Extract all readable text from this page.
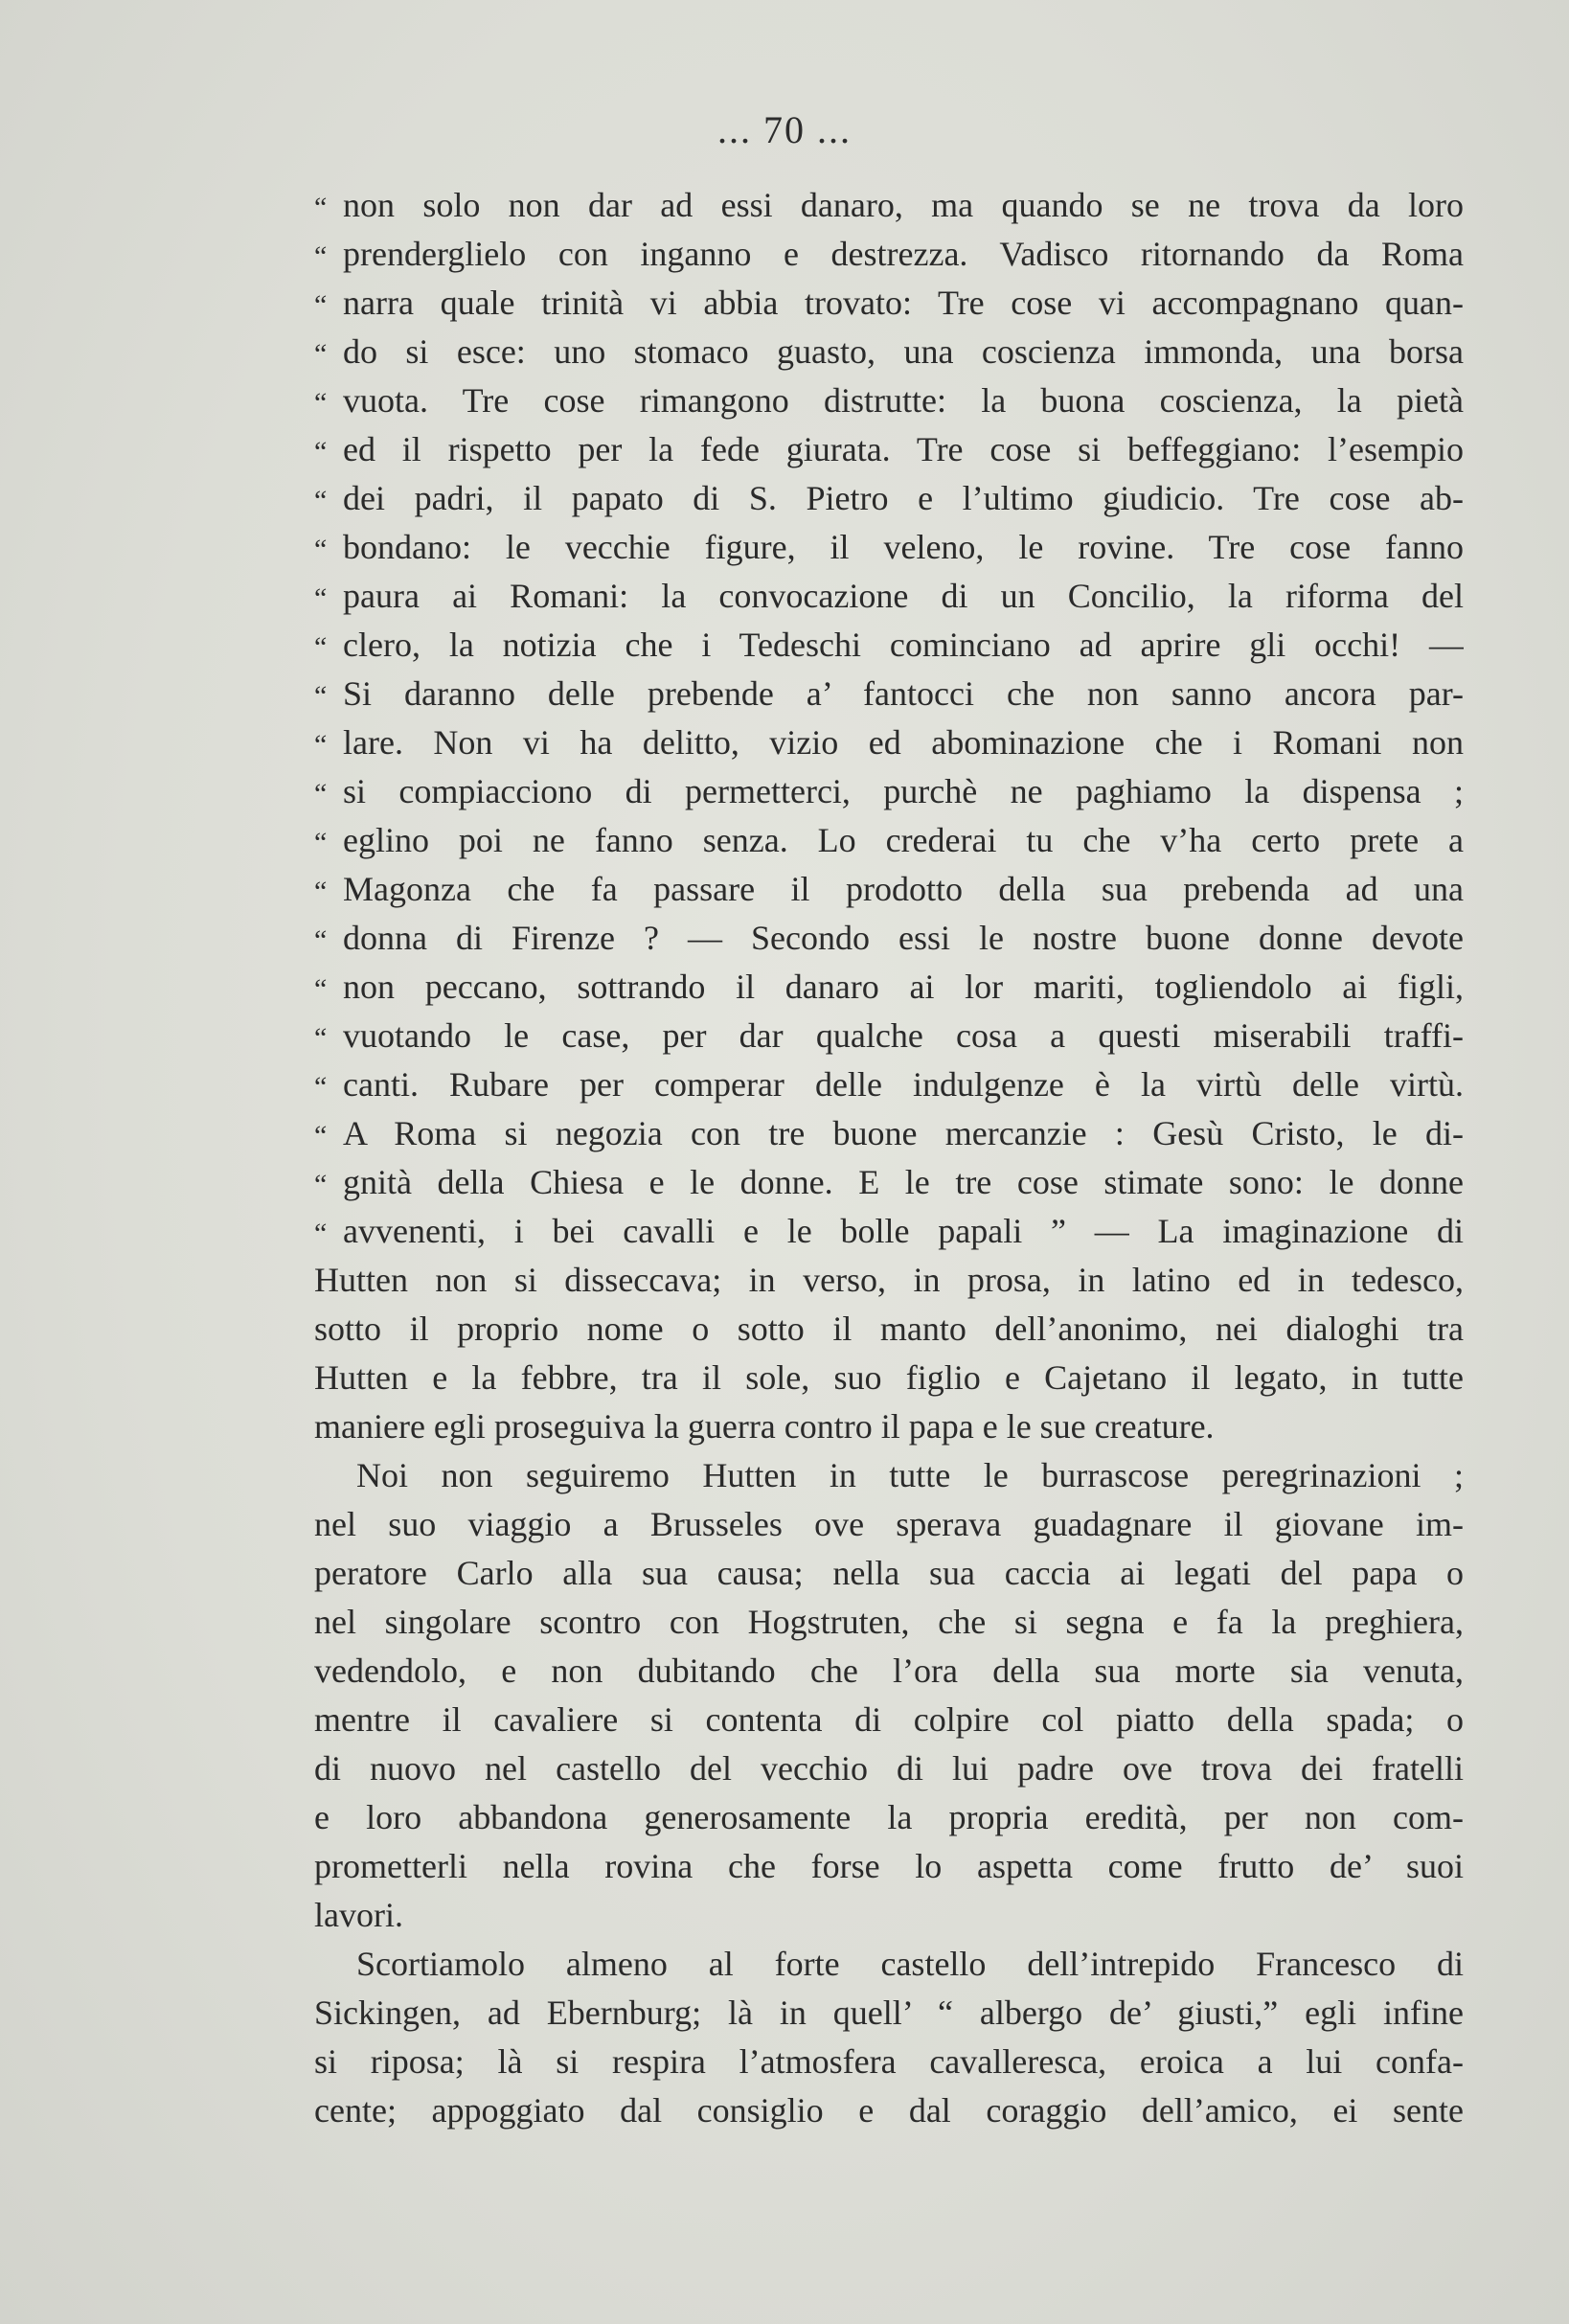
... 70 ...
“ non solo non dar ad essi danaro, ma quando se ne trova da loro
“ prenderglielo con inganno e destrezza. Vadisco ritornando da Roma
“ narra quale trinità vi abbia trovato: Tre cose vi accompagnano quan-
“ do si esce: uno stomaco guasto, una coscienza immonda, una borsa
“ vuota. Tre cose rimangono distrutte: la buona coscienza, la pietà
“ ed il rispetto per la fede giurata. Tre cose si beffeggiano: l’esempio
“ dei padri, il papato di S. Pietro e l’ultimo giudicio. Tre cose ab-
“ bondano: le vecchie figure, il veleno, le rovine. Tre cose fanno
“ paura ai Romani: la convocazione di un Concilio, la riforma del
“ clero, la notizia che i Tedeschi cominciano ad aprire gli occhi! —
“ Si daranno delle prebende a’ fantocci che non sanno ancora par-
“ lare. Non vi ha delitto, vizio ed abominazione che i Romani non
“ si compiacciono di permetterci, purchè ne paghiamo la dispensa ;
“ eglino poi ne fanno senza. Lo crederai tu che v’ha certo prete a
“ Magonza che fa passare il prodotto della sua prebenda ad una
“ donna di Firenze ? — Secondo essi le nostre buone donne devote
“ non peccano, sottrando il danaro ai lor mariti, togliendolo ai figli,
“ vuotando le case, per dar qualche cosa a questi miserabili traffi-
“ canti. Rubare per comperar delle indulgenze è la virtù delle virtù.
“ A Roma si negozia con tre buone mercanzie : Gesù Cristo, le di-
“ gnità della Chiesa e le donne. E le tre cose stimate sono: le donne
“ avvenenti, i bei cavalli e le bolle papali ” — La imaginazione di
Hutten non si disseccava; in verso, in prosa, in latino ed in tedesco,
sotto il proprio nome o sotto il manto dell’anonimo, nei dialoghi tra
Hutten e la febbre, tra il sole, suo figlio e Cajetano il legato, in tutte
maniere egli proseguiva la guerra contro il papa e le sue creature.
Noi non seguiremo Hutten in tutte le burrascose peregrinazioni ;
nel suo viaggio a Brusseles ove sperava guadagnare il giovane im-
peratore Carlo alla sua causa; nella sua caccia ai legati del papa o
nel singolare scontro con Hogstruten, che si segna e fa la preghiera,
vedendolo, e non dubitando che l’ora della sua morte sia venuta,
mentre il cavaliere si contenta di colpire col piatto della spada; o
di nuovo nel castello del vecchio di lui padre ove trova dei fratelli
e loro abbandona generosamente la propria eredità, per non com-
prometterli nella rovina che forse lo aspetta come frutto de’ suoi
lavori.
Scortiamolo almeno al forte castello dell’intrepido Francesco di
Sickingen, ad Ebernburg; là in quell’ “ albergo de’ giusti,” egli infine
si riposa; là si respira l’atmosfera cavalleresca, eroica a lui confa-
cente; appoggiato dal consiglio e dal coraggio dell’amico, ei sente
